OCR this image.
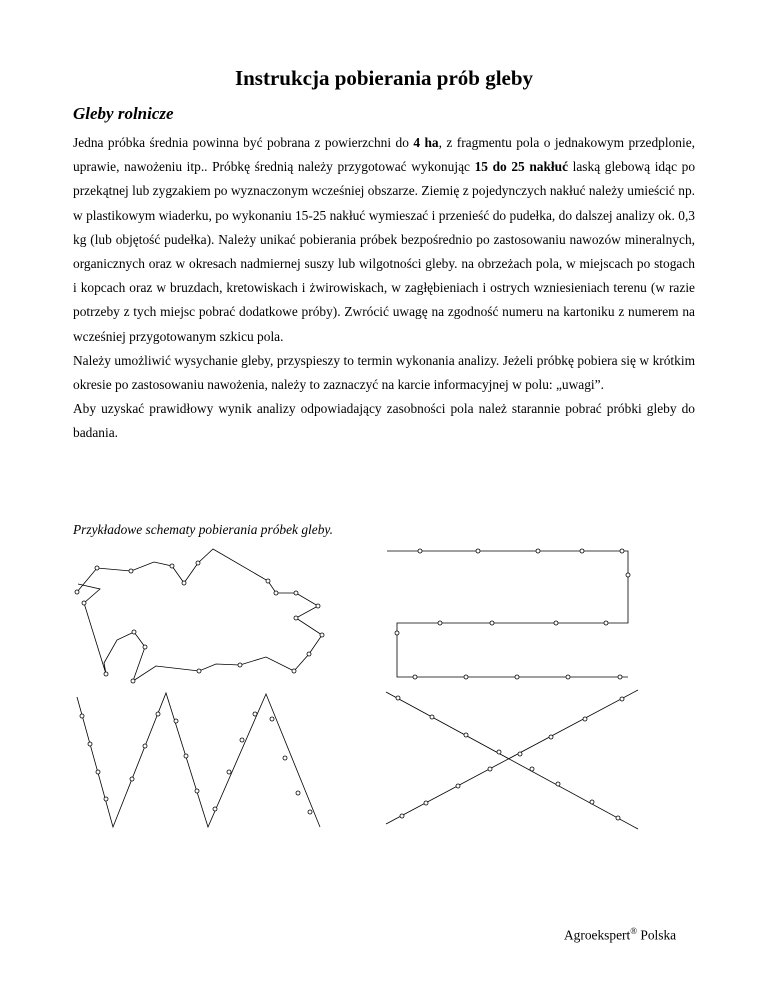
Instrukcja pobierania prób gleby
Gleby rolnicze

Jedna próbka średnia powinna być pobrana z powierzchni do 4 ha, z fragmentu pola o jednakowym przedplonie, uprawie, nawożeniu itp.. Próbkę średnią należy przygotować wykonując 15 do 25 nakłuć laską glebową idąc po przekątnej lub zygzakiem po wyznaczonym wcześniej obszarze. Ziemię z pojedynczych nakłuć należy umieścić np. w plastikowym wiaderku, po wykonaniu 15-25 nakłuć wymieszać i przenieść do pudełka, do dalszej analizy ok. 0,3 kg (lub objętość pudełka). Należy unikać pobierania próbek bezpośrednio po zastosowaniu nawozów mineralnych, organicznych oraz w okresach nadmiernej suszy lub wilgotności gleby. na obrzeżach pola, w miejscach po stogach i kopcach oraz w bruzdach, kretowiskach i żwirowiskach, w zagłębieniach i ostrych wzniesieniach terenu (w razie potrzeby z tych miejsc pobrać dodatkowe próby). Zwrócić uwagę na zgodność numeru na kartoniku z numerem na wcześniej przygotowanym szkicu pola.

Należy umożliwić wysychanie gleby, przyspieszy to termin wykonania analizy. Jeżeli próbkę pobiera się w krótkim okresie po zastosowaniu nawożenia, należy to zaznaczyć na karcie informacyjnej w polu: „uwagi”.

Aby uzyskać prawidłowy wynik analizy odpowiadający zasobności pola należ starannie pobrać próbki gleby do badania.

Przykładowe schematy pobierania próbek gleby.
Agroekspert® Polska
